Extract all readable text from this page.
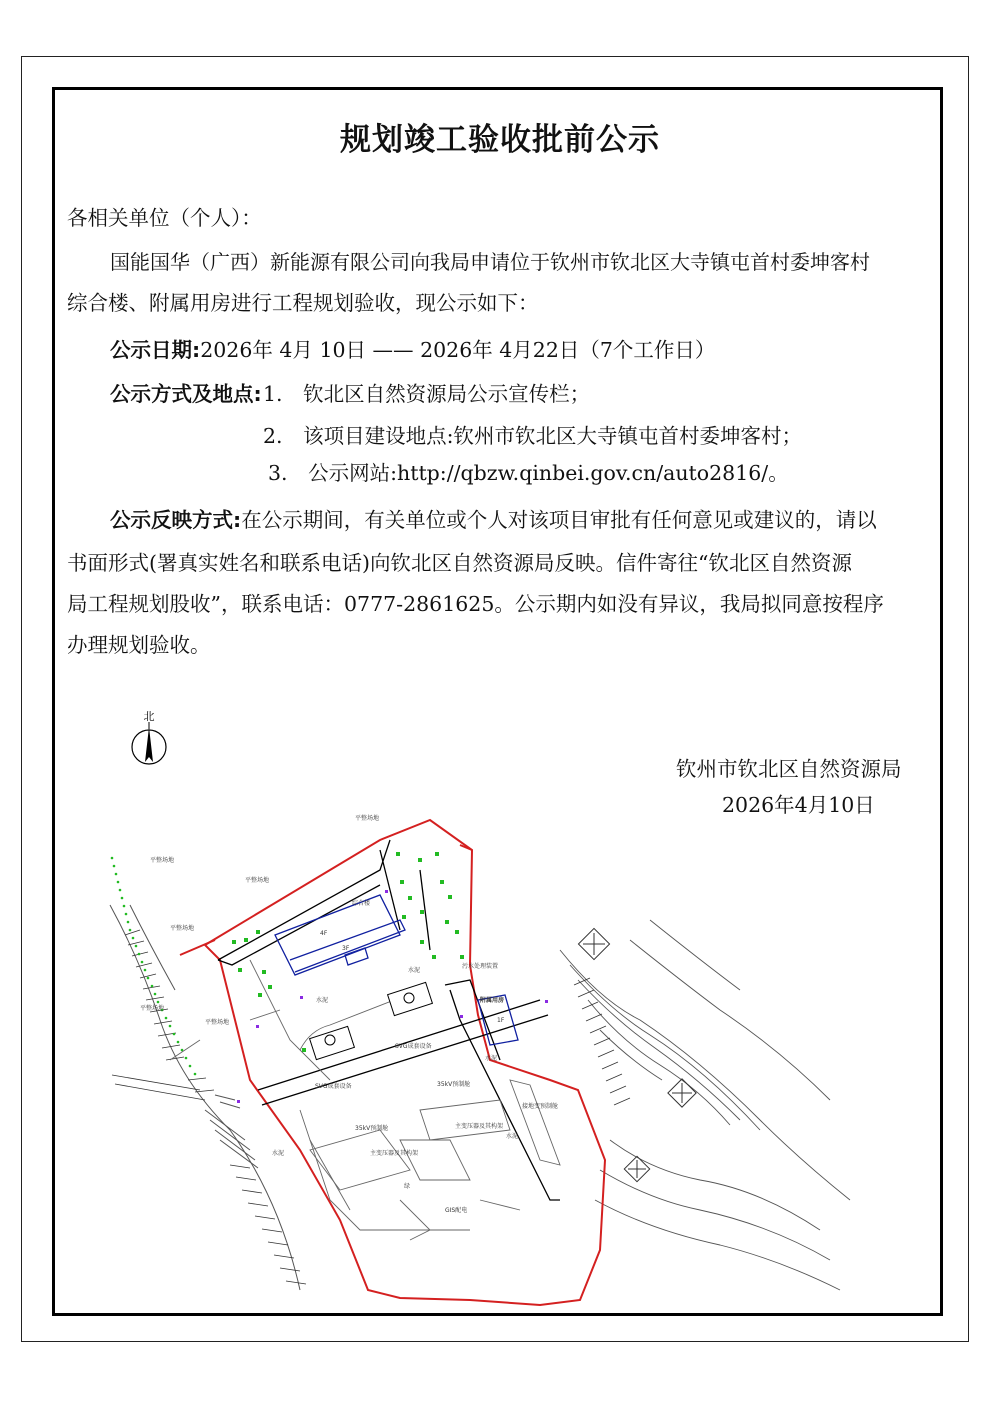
规划竣工验收批前公示
各相关单位（个人）：
国能国华（广西）新能源有限公司向我局申请位于钦州市钦北区大寺镇屯首村委坤客村
综合楼、附属用房进行工程规划验收，现公示如下：
公示日期:2026年 4月 10日 —— 2026年 4月22日（7个工作日）
公示方式及地点: 1. 钦北区自然资源局公示宣传栏；
2. 该项目建设地点:钦州市钦北区大寺镇屯首村委坤客村；
3. 公示网站:http://qbzw.qinbei.gov.cn/auto2816/。
公示反映方式:在公示期间，有关单位或个人对该项目审批有任何意见或建议的，请以
书面形式(署真实姓名和联系电话)向钦北区自然资源局反映。信件寄往“钦北区自然资源
局工程规划股收”，联系电话：0777-2861625。公示期内如没有异议，我局拟同意按程序
办理规划验收。
钦州市钦北区自然资源局
2026年4月10日
北
平整场地
平整场地
平整场地
平整场地
平整场地
平整场地
综合楼
4F
3F
附属用房
1F
水泥
水泥
水泥
水泥
水泥
绿
污水处理装置
SVG成套设备
SVG成套设备	35kV预制舱
35kV预制舱	主变压器及其构架
主变压器及其构架
接地变预制舱
GIS配电
